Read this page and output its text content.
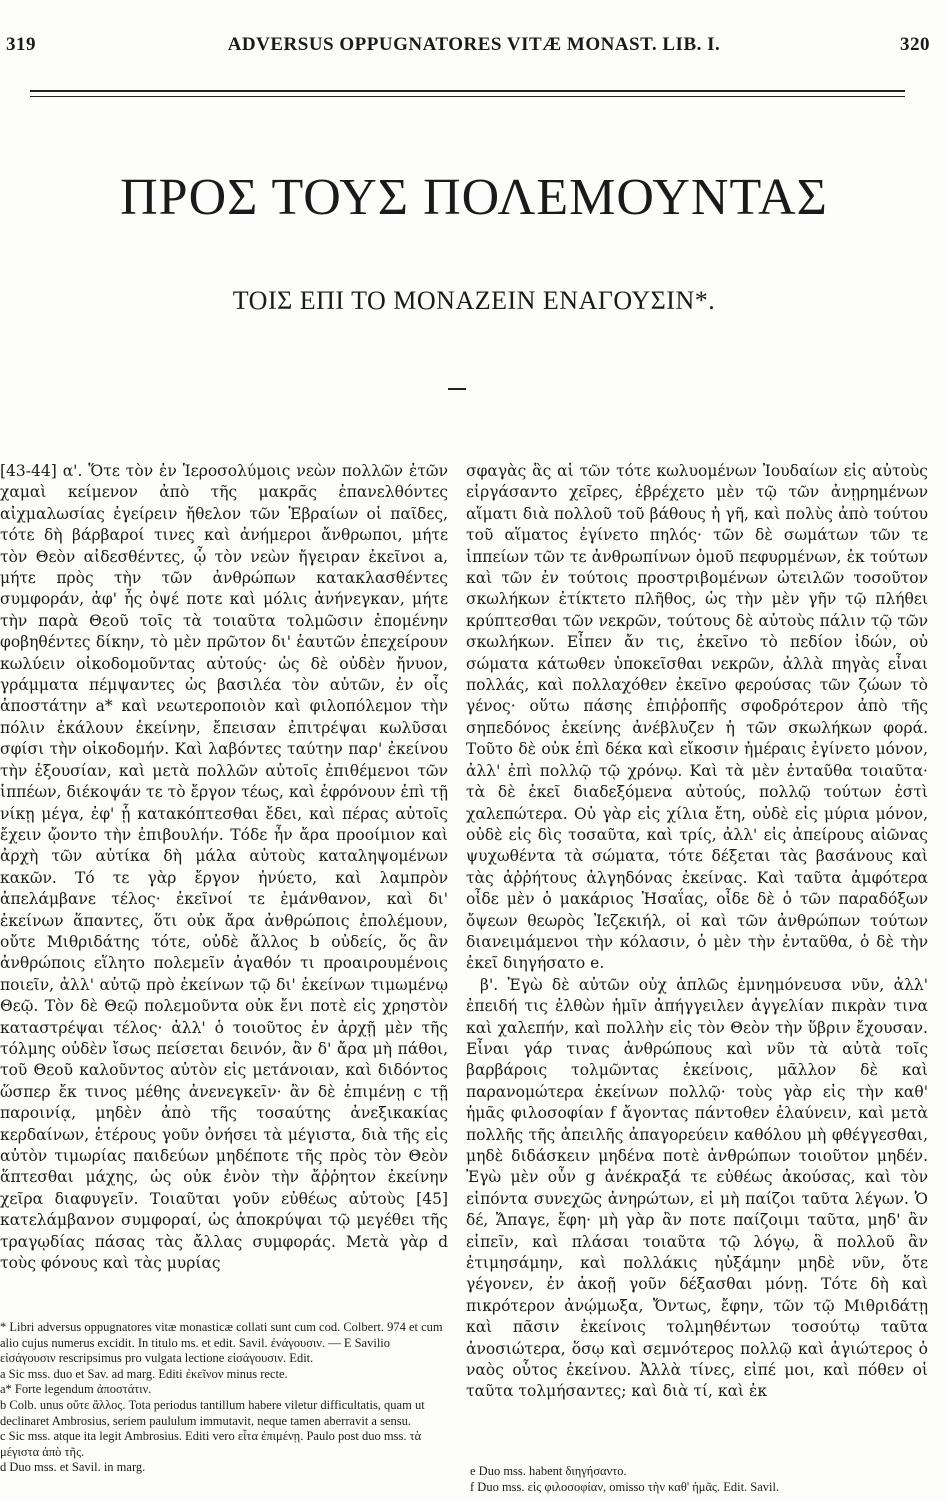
319	ADVERSUS OPPUGNATORES VITÆ MONAST. LIB. I.	320
ΠΡΟΣ ΤΟΥΣ ΠΟΛΕΜΟΥΝΤΑΣ
ΤΟΙΣ ΕΠΙ ΤΟ ΜΟΝΑΖΕΙΝ ΕΝΑΓΟΥΣΙΝ*.

[43-44] α'. Ὅτε τὸν ἐν Ἱεροσολύμοις νεὼν πολλῶν ἐτῶν χαμαὶ κείμενον ἀπὸ τῆς μακρᾶς ἐπανελθόντες αἰχμαλωσίας ἐγείρειν ἤθελον τῶν Ἑβραίων οἱ παῖδες, τότε δὴ βάρβαροί τινες καὶ ἀνήμεροι ἄνθρωποι, μήτε τὸν Θεὸν αἰδεσθέντες, ᾧ τὸν νεὼν ἤγειραν ἐκεῖνοι a, μήτε πρὸς τὴν τῶν ἀνθρώπων κατακλασθέντες συμφοράν, ἀφ' ἧς ὀψέ ποτε καὶ μόλις ἀνήνεγκαν, μήτε τὴν παρὰ Θεοῦ τοῖς τὰ τοιαῦτα τολμῶσιν ἑπομένην φοβηθέντες δίκην, τὸ μὲν πρῶτον δι' ἑαυτῶν ἐπεχείρουν κωλύειν οἰκοδομοῦντας αὐτούς· ὡς δὲ οὐδὲν ἤνυον, γράμματα πέμψαντες ὡς βασιλέα τὸν αὐτῶν, ἐν οἷς ἀποστάτην a* καὶ νεωτεροποιὸν καὶ φιλοπόλεμον τὴν πόλιν ἐκάλουν ἐκείνην, ἔπεισαν ἐπιτρέψαι κωλῦσαι σφίσι τὴν οἰκοδομήν. Καὶ λαβόντες ταύτην παρ' ἐκείνου τὴν ἐξουσίαν, καὶ μετὰ πολλῶν αὐτοῖς ἐπιθέμενοι τῶν ἱππέων, διέκοψάν τε τὸ ἔργον τέως, καὶ ἐφρόνουν ἐπὶ τῇ νίκῃ μέγα, ἐφ' ᾗ κατακόπτεσθαι ἔδει, καὶ πέρας αὐτοῖς ἔχειν ᾤοντο τὴν ἐπιβουλήν. Τόδε ἦν ἄρα προοίμιον καὶ ἀρχὴ τῶν αὐτίκα δὴ μάλα αὐτοὺς καταληψομένων κακῶν. Τό τε γὰρ ἔργον ἠνύετο, καὶ λαμπρὸν ἀπελάμβανε τέλος· ἐκεῖνοί τε ἐμάνθανον, καὶ δι' ἐκείνων ἅπαντες, ὅτι οὐκ ἄρα ἀνθρώποις ἐπολέμουν, οὔτε Μιθριδάτης τότε, οὐδὲ ἄλλος b οὐδείς, ὅς ἂν ἀνθρώποις εἵλητο πολεμεῖν ἀγαθόν τι προαιρουμένοις ποιεῖν, ἀλλ' αὐτῷ πρὸ ἐκείνων τῷ δι' ἐκείνων τιμωμένῳ Θεῷ. Τὸν δὲ Θεῷ πολεμοῦντα οὐκ ἔνι ποτὲ εἰς χρηστὸν καταστρέψαι τέλος· ἀλλ' ὁ τοιοῦτος ἐν ἀρχῇ μὲν τῆς τόλμης οὐδὲν ἴσως πείσεται δεινόν, ἂν δ' ἄρα μὴ πάθοι, τοῦ Θεοῦ καλοῦντος αὐτὸν εἰς μετάνοιαν, καὶ διδόντος ὥσπερ ἔκ τινος μέθης ἀνενεγκεῖν· ἂν δὲ ἐπιμένῃ c τῇ παροινίᾳ, μηδὲν ἀπὸ τῆς τοσαύτης ἀνεξικακίας κερδαίνων, ἑτέρους γοῦν ὀνήσει τὰ μέγιστα, διὰ τῆς εἰς αὐτὸν τιμωρίας παιδεύων μηδέποτε τῆς πρὸς τὸν Θεὸν ἅπτεσθαι μάχης, ὡς οὐκ ἐνὸν τὴν ἄῤῥητον ἐκείνην χεῖρα διαφυγεῖν. Τοιαῦται γοῦν εὐθέως αὐτοὺς [45] κατελάμβανον συμφοραί, ὡς ἀποκρύψαι τῷ μεγέθει τῆς τραγῳδίας πάσας τὰς ἄλλας συμφοράς. Μετὰ γὰρ d τοὺς φόνους καὶ τὰς μυρίας

σφαγὰς ἃς αἱ τῶν τότε κωλυομένων Ἰουδαίων εἰς αὐτοὺς εἰργάσαντο χεῖρες, ἐβρέχετο μὲν τῷ τῶν ἀνῃρημένων αἵματι διὰ πολλοῦ τοῦ βάθους ἡ γῆ, καὶ πολὺς ἀπὸ τούτου τοῦ αἵματος ἐγίνετο πηλός· τῶν δὲ σωμάτων τῶν τε ἱππείων τῶν τε ἀνθρωπίνων ὁμοῦ πεφυρμένων, ἐκ τούτων καὶ τῶν ἐν τούτοις προστριβομένων ὠτειλῶν τοσοῦτον σκωλήκων ἐτίκτετο πλῆθος, ὡς τὴν μὲν γῆν τῷ πλήθει κρύπτεσθαι τῶν νεκρῶν, τούτους δὲ αὐτοὺς πάλιν τῷ τῶν σκωλήκων. Εἶπεν ἄν τις, ἐκεῖνο τὸ πεδίον ἰδών, οὐ σώματα κάτωθεν ὑποκεῖσθαι νεκρῶν, ἀλλὰ πηγὰς εἶναι πολλάς, καὶ πολλαχόθεν ἐκεῖνο φερούσας τῶν ζώων τὸ γένος· οὕτω πάσης ἐπιῤῥοπῆς σφοδρότερον ἀπὸ τῆς σηπεδόνος ἐκείνης ἀνέβλυζεν ἡ τῶν σκωλήκων φορά. Τοῦτο δὲ οὐκ ἐπὶ δέκα καὶ εἴκοσιν ἡμέραις ἐγίνετο μόνον, ἀλλ' ἐπὶ πολλῷ τῷ χρόνῳ. Καὶ τὰ μὲν ἐνταῦθα τοιαῦτα· τὰ δὲ ἐκεῖ διαδεξόμενα αὐτούς, πολλῷ τούτων ἐστὶ χαλεπώτερα. Οὐ γὰρ εἰς χίλια ἔτη, οὐδὲ εἰς μύρια μόνον, οὐδὲ εἰς δὶς τοσαῦτα, καὶ τρίς, ἀλλ' εἰς ἀπείρους αἰῶνας ψυχωθέντα τὰ σώματα, τότε δέξεται τὰς βασάνους καὶ τὰς ἀῤῥήτους ἀλγηδόνας ἐκείνας. Καὶ ταῦτα ἀμφότερα οἶδε μὲν ὁ μακάριος Ἠσαΐας, οἶδε δὲ ὁ τῶν παραδόξων ὄψεων θεωρὸς Ἰεζεκιήλ, οἱ καὶ τῶν ἀνθρώπων τούτων διανειμάμενοι τὴν κόλασιν, ὁ μὲν τὴν ἐνταῦθα, ὁ δὲ τὴν ἐκεῖ διηγήσατο e.

β'. Ἐγὼ δὲ αὐτῶν οὐχ ἁπλῶς ἐμνημόνευσα νῦν, ἀλλ' ἐπειδή τις ἐλθὼν ἡμῖν ἀπήγγειλεν ἀγγελίαν πικρὰν τινα καὶ χαλεπήν, καὶ πολλὴν εἰς τὸν Θεὸν τὴν ὕβριν ἔχουσαν. Εἶναι γάρ τινας ἀνθρώπους καὶ νῦν τὰ αὐτὰ τοῖς βαρβάροις τολμῶντας ἐκείνοις, μᾶλλον δὲ καὶ παρανομώτερα ἐκείνων πολλῷ· τοὺς γὰρ εἰς τὴν καθ' ἡμᾶς φιλοσοφίαν f ἄγοντας πάντοθεν ἐλαύνειν, καὶ μετὰ πολλῆς τῆς ἀπειλῆς ἀπαγορεύειν καθόλου μὴ φθέγγεσθαι, μηδὲ διδάσκειν μηδένα ποτὲ ἀνθρώπων τοιοῦτον μηδέν. Ἐγὼ μὲν οὖν g ἀνέκραξά τε εὐθέως ἀκούσας, καὶ τὸν εἰπόντα συνεχῶς ἀνηρώτων, εἰ μὴ παίζοι ταῦτα λέγων. Ὁ δέ, Ἄπαγε, ἔφη· μὴ γὰρ ἂν ποτε παίζοιμι ταῦτα, μηδ' ἂν εἰπεῖν, καὶ πλάσαι τοιαῦτα τῷ λόγῳ, ἃ πολλοῦ ἂν ἐτιμησάμην, καὶ πολλάκις ηὐξάμην μηδὲ νῦν, ὅτε γέγονεν, ἐν ἀκοῇ γοῦν δέξασθαι μόνῃ. Τότε δὴ καὶ πικρότερον ἀνῴμωξα, Ὄντως, ἔφην, τῶν τῷ Μιθριδάτῃ καὶ πᾶσιν ἐκείνοις τολμηθέντων τοσούτῳ ταῦτα ἀνοσιώτερα, ὅσῳ καὶ σεμνότερος πολλῷ καὶ ἁγιώτερος ὁ ναὸς οὗτος ἐκείνου. Ἀλλὰ τίνες, εἰπέ μοι, καὶ πόθεν οἱ ταῦτα τολμήσαντες; καὶ διὰ τί, καὶ ἐκ

* Libri adversus oppugnatores vitæ monasticæ collati sunt cum cod. Colbert. 974 et cum alio cujus numerus excidit. In titulo ms. et edit. Savil. ἐνάγουσιν. — E Savilio εἰσάγουσιν rescripsimus pro vulgata lectione εἰσάγουσιν. Edit.

a Sic mss. duo et Sav. ad marg. Editi ἐκεῖνον minus recte.

a* Forte legendum ἀποστάτιν.

b Colb. unus οὔτε ἄλλος. Tota periodus tantillum habere viletur difficultatis, quam ut declinaret Ambrosius, seriem paululum immutavit, neque tamen aberravit a sensu.

c Sic mss. atque ita legit Ambrosius. Editi vero εἶτα ἐπιμένῃ. Paulo post duo mss. τὰ μέγιστα ἀπὸ τῆς.

d Duo mss. et Savil. in marg.	e Duo mss. habent διηγήσαντο.

f Duo mss. εἰς φιλοσοφίαν, omisso τὴν καθ' ἡμᾶς. Edit. Savil.
